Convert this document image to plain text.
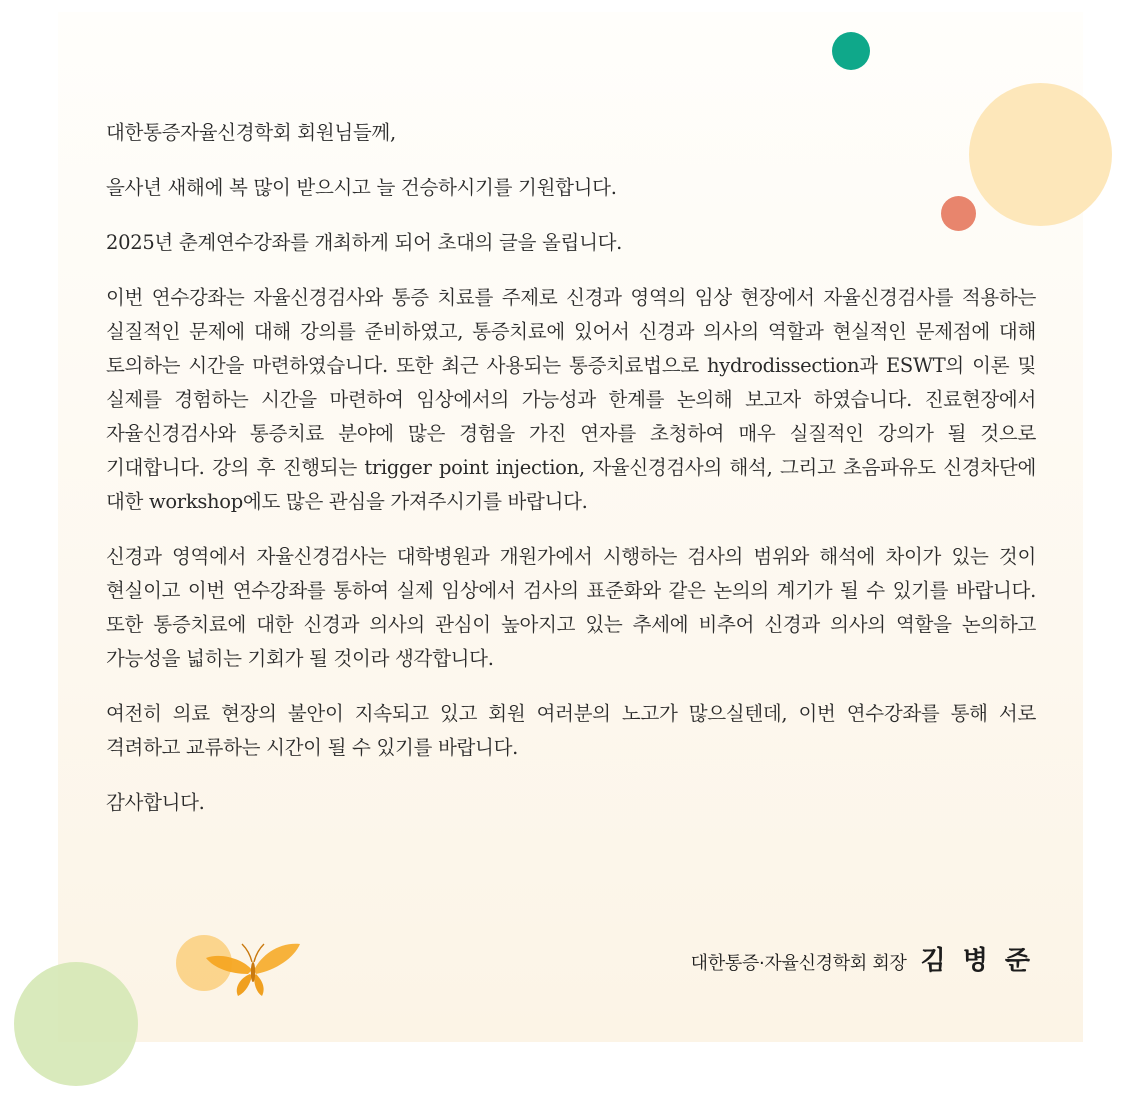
대한통증자율신경학회 회원님들께,

을사년 새해에 복 많이 받으시고 늘 건승하시기를 기원합니다.

2025년 춘계연수강좌를 개최하게 되어 초대의 글을 올립니다.

이번 연수강좌는 자율신경검사와 통증 치료를 주제로 신경과 영역의 임상 현장에서 자율신경검사를 적용하는 실질적인 문제에 대해 강의를 준비하였고, 통증치료에 있어서 신경과 의사의 역할과 현실적인 문제점에 대해 토의하는 시간을 마련하였습니다. 또한 최근 사용되는 통증치료법으로 hydrodissection과 ESWT의 이론 및 실제를 경험하는 시간을 마련하여 임상에서의 가능성과 한계를 논의해 보고자 하였습니다. 진료현장에서 자율신경검사와 통증치료 분야에 많은 경험을 가진 연자를 초청하여 매우 실질적인 강의가 될 것으로 기대합니다. 강의 후 진행되는 trigger point injection, 자율신경검사의 해석, 그리고 초음파유도 신경차단에 대한 workshop에도 많은 관심을 가져주시기를 바랍니다.

신경과 영역에서 자율신경검사는 대학병원과 개원가에서 시행하는 검사의 범위와 해석에 차이가 있는 것이 현실이고 이번 연수강좌를 통하여 실제 임상에서 검사의 표준화와 같은 논의의 계기가 될 수 있기를 바랍니다. 또한 통증치료에 대한 신경과 의사의 관심이 높아지고 있는 추세에 비추어 신경과 의사의 역할을 논의하고 가능성을 넓히는 기회가 될 것이라 생각합니다.

여전히 의료 현장의 불안이 지속되고 있고 회원 여러분의 노고가 많으실텐데, 이번 연수강좌를 통해 서로 격려하고 교류하는 시간이 될 수 있기를 바랍니다.

감사합니다.

대한통증·자율신경학회 회장 김 병 준
